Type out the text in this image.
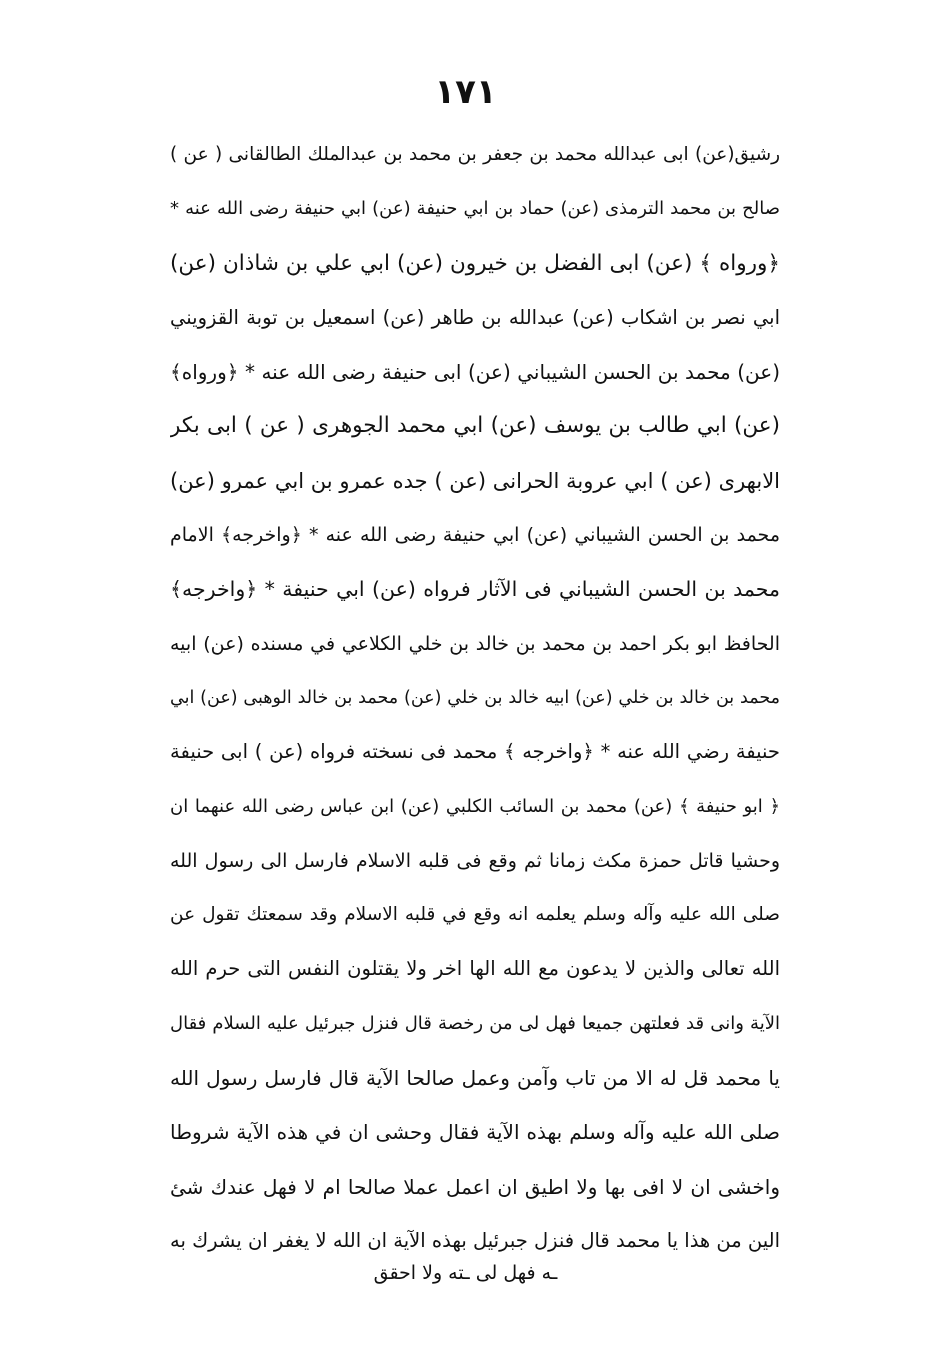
١٧١
رشيق(عن) ابى عبدالله محمد بن جعفر بن محمد بن عبدالملك الطالقانى ( عن )
صالح بن محمد الترمذى (عن) حماد بن ابي حنيفة (عن) ابي حنيفة رضى الله عنه *
﴿ورواه ﴾ (عن) ابى الفضل بن خيرون (عن) ابي علي بن شاذان (عن)
ابي نصر بن اشكاب (عن) عبدالله بن طاهر (عن) اسمعيل بن توبة القزويني
(عن) محمد بن الحسن الشيباني (عن) ابى حنيفة رضى الله عنه * ﴿ورواه﴾
(عن) ابي طالب بن يوسف (عن) ابي محمد الجوهرى ( عن ) ابى بكر
الابهرى (عن ) ابي عروبة الحرانى (عن ) جده عمرو بن ابي عمرو (عن)
محمد بن الحسن الشيباني (عن) ابي حنيفة رضى الله عنه * ﴿واخرجه﴾ الامام
محمد بن الحسن الشيباني فى الآثار فرواه (عن) ابي حنيفة * ﴿واخرجه﴾
الحافظ ابو بكر احمد بن محمد بن خالد بن خلي الكلاعي في مسنده (عن) ابيه
محمد بن خالد بن خلي (عن) ابيه خالد بن خلي (عن) محمد بن خالد الوهبى (عن) ابي
حنيفة رضي الله عنه * ﴿واخرجه ﴾ محمد فى نسخته فرواه (عن ) ابى حنيفة
﴿ ابو حنيفة ﴾ (عن) محمد بن السائب الكلبي (عن) ابن عباس رضى الله عنهما ان
وحشيا قاتل حمزة مكث زمانا ثم وقع فى قلبه الاسلام فارسل الى رسول الله
صلى الله عليه وآله وسلم يعلمه انه وقع في قلبه الاسلام وقد سمعتك تقول عن
الله تعالى والذين لا يدعون مع الله الها اخر ولا يقتلون النفس التى حرم الله
الآية وانى قد فعلتهن جميعا فهل لى من رخصة قال فنزل جبرئيل عليه السلام فقال
يا محمد قل له الا من تاب وآمن وعمل صالحا الآية قال فارسل رسول الله
صلى الله عليه وآله وسلم بهذه الآية فقال وحشى ان في هذه الآية شروطا
واخشى ان لا افى بها ولا اطيق ان اعمل عملا صالحا ام لا فهل عندك شئ
الين من هذا يا محمد قال فنزل جبرئيل بهذه الآية ان الله لا يغفر ان يشرك به
ـه فهل لى ـته ولا احقق
